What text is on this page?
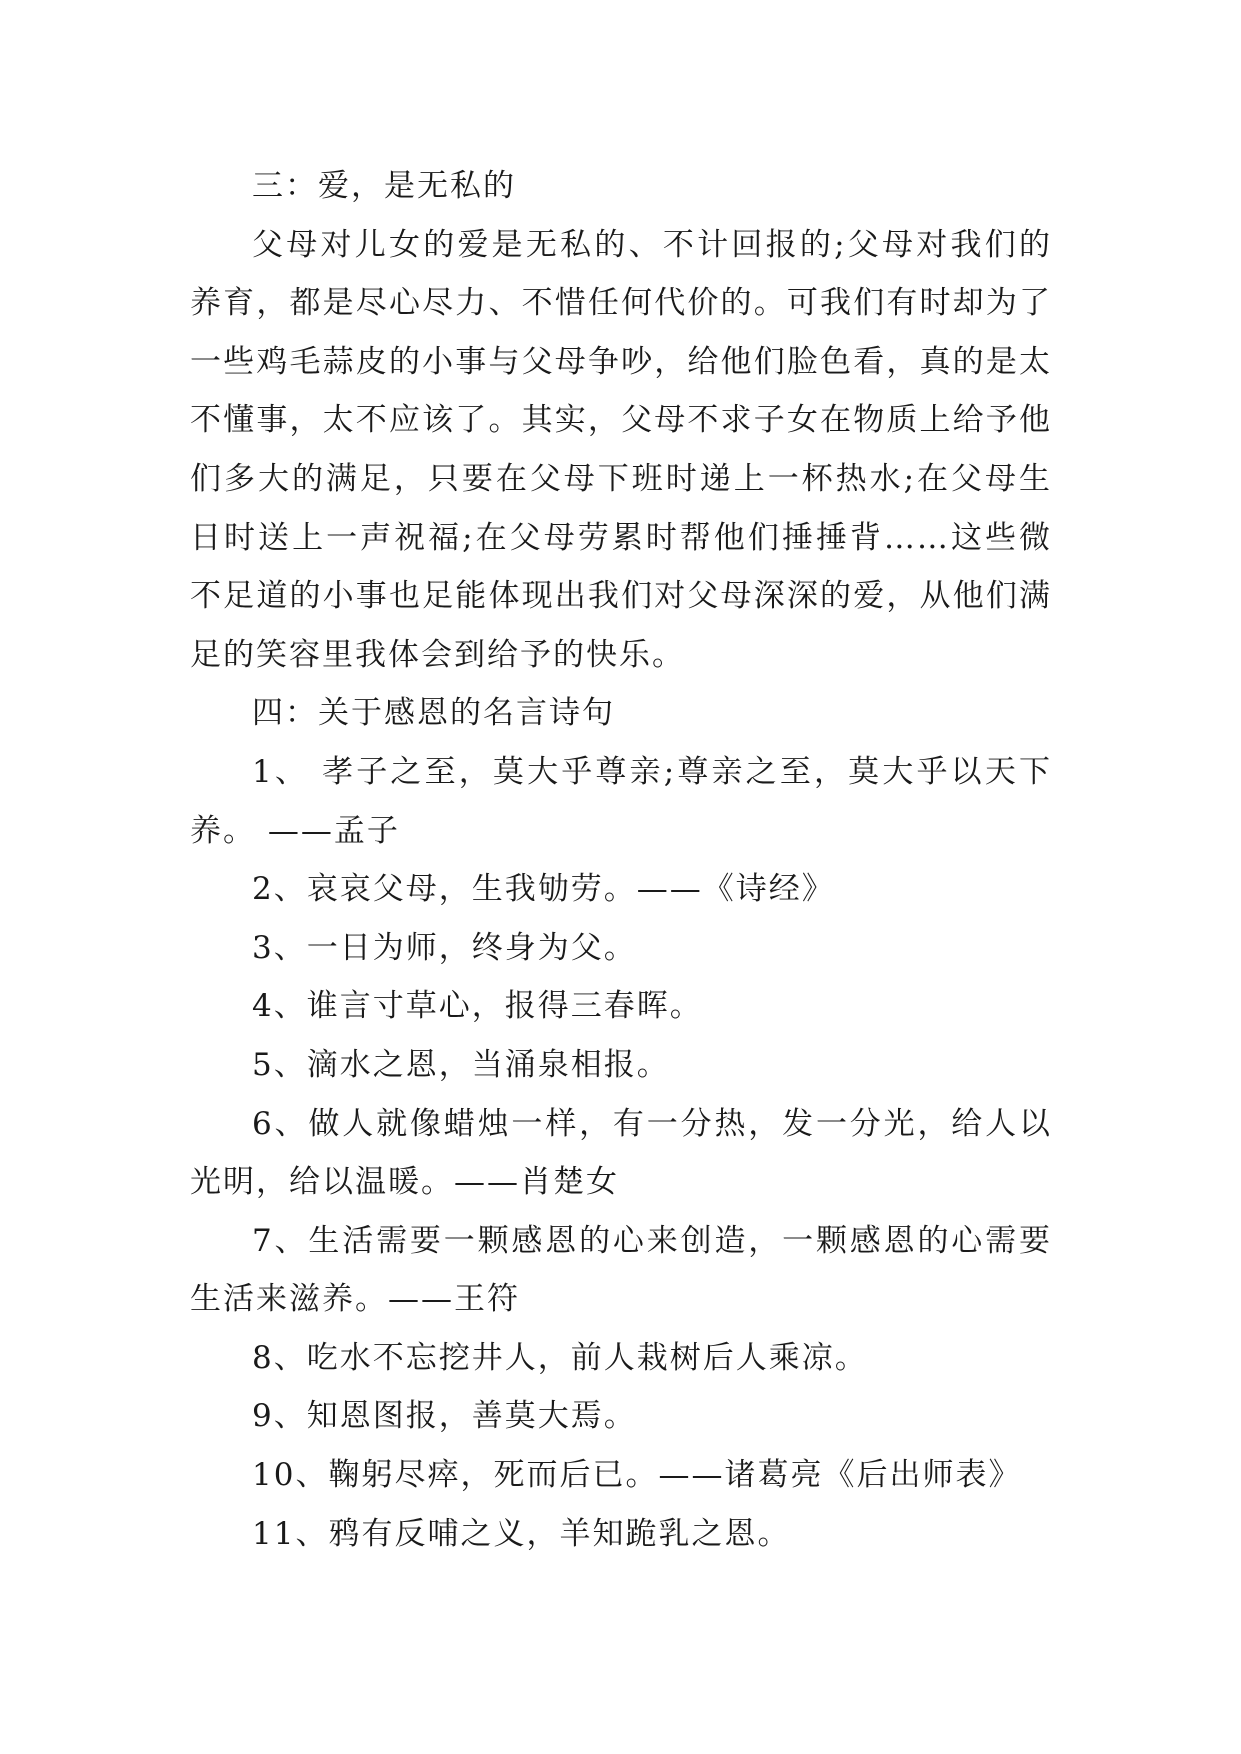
三：爱，是无私的

父母对儿女的爱是无私的、不计回报的;父母对我们的养育，都是尽心尽力、不惜任何代价的。可我们有时却为了一些鸡毛蒜皮的小事与父母争吵，给他们脸色看，真的是太不懂事，太不应该了。其实，父母不求子女在物质上给予他们多大的满足，只要在父母下班时递上一杯热水;在父母生日时送上一声祝福;在父母劳累时帮他们捶捶背……这些微不足道的小事也足能体现出我们对父母深深的爱，从他们满足的笑容里我体会到给予的快乐。

四：关于感恩的名言诗句

1、 孝子之至，莫大乎尊亲;尊亲之至，莫大乎以天下养。 ——孟子

2、哀哀父母，生我劬劳。——《诗经》

3、一日为师，终身为父。

4、谁言寸草心，报得三春晖。

5、滴水之恩，当涌泉相报。

6、做人就像蜡烛一样，有一分热，发一分光，给人以光明，给以温暖。——肖楚女

7、生活需要一颗感恩的心来创造，一颗感恩的心需要生活来滋养。——王符

8、吃水不忘挖井人，前人栽树后人乘凉。

9、知恩图报，善莫大焉。

10、鞠躬尽瘁，死而后已。——诸葛亮《后出师表》

11、鸦有反哺之义，羊知跪乳之恩。
